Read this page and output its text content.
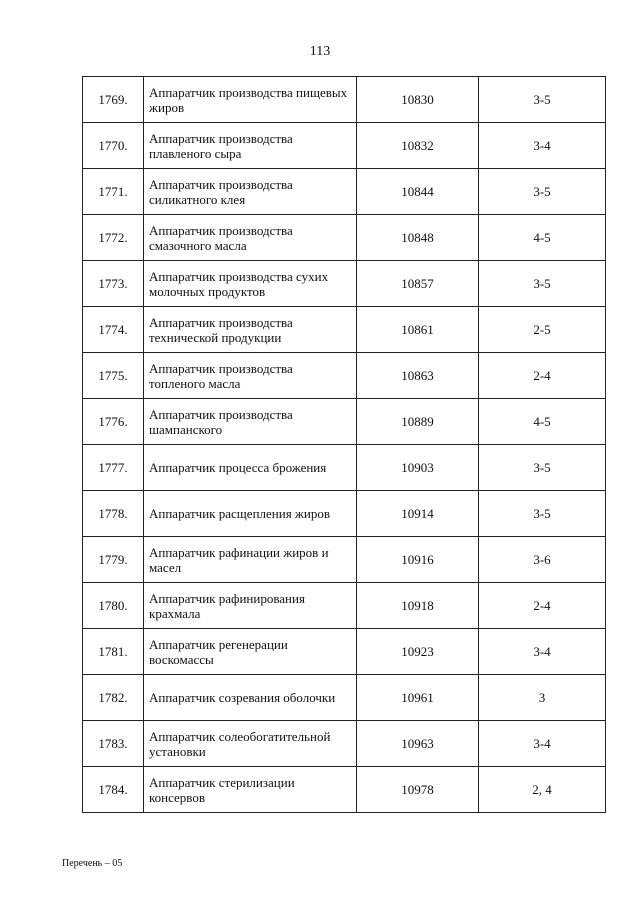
113
1769.	Аппаратчик производства пищевых жиров	10830	3-5
1770.	Аппаратчик производства плавленого сыра	10832	3-4
1771.	Аппаратчик производства силикатного клея	10844	3-5
1772.	Аппаратчик производства смазочного масла	10848	4-5
1773.	Аппаратчик производства сухих молочных продуктов	10857	3-5
1774.	Аппаратчик производства технической продукции	10861	2-5
1775.	Аппаратчик производства топленого масла	10863	2-4
1776.	Аппаратчик производства шампанского	10889	4-5
1777.	Аппаратчик процесса брожения	10903	3-5
1778.	Аппаратчик расщепления жиров	10914	3-5
1779.	Аппаратчик рафинации жиров и масел	10916	3-6
1780.	Аппаратчик рафинирования крахмала	10918	2-4
1781.	Аппаратчик регенерации воскомассы	10923	3-4
1782.	Аппаратчик созревания оболочки	10961	3
1783.	Аппаратчик солеобогатительной установки	10963	3-4
1784.	Аппаратчик стерилизации консервов	10978	2, 4
Перечень – 05
